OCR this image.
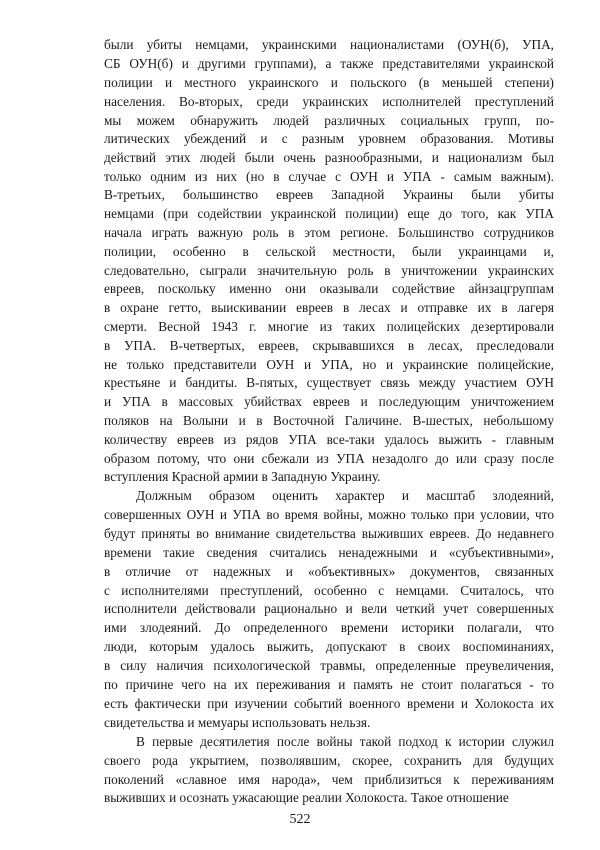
были убиты немцами, украинскими националистами (ОУН(б), УПА,
СБ ОУН(б) и другими группами), а также представителями украинской
полиции и местного украинского и польского (в меньшей степени)
населения. Во-вторых, среди украинских исполнителей преступлений
мы можем обнаружить людей различных социальных групп, по-
литических убеждений и с разным уровнем образования. Мотивы
действий этих людей были очень разнообразными, и национализм был
только одним из них (но в случае с ОУН и УПА - самым важным).
В-третьих, большинство евреев Западной Украины были убиты
немцами (при содействии украинской полиции) еще до того, как УПА
начала играть важную роль в этом регионе. Большинство сотрудников
полиции, особенно в сельской местности, были украинцами и,
следовательно, сыграли значительную роль в уничтожении украинских
евреев, поскольку именно они оказывали содействие айнзацгруппам
в охране гетто, выискивании евреев в лесах и отправке их в лагеря
смерти. Весной 1943 г. многие из таких полицейских дезертировали
в УПА. В-четвертых, евреев, скрывавшихся в лесах, преследовали
не только представители ОУН и УПА, но и украинские полицейские,
крестьяне и бандиты. В-пятых, существует связь между участием ОУН
и УПА в массовых убийствах евреев и последующим уничтожением
поляков на Волыни и в Восточной Галичине. В-шестых, небольшому
количеству евреев из рядов УПА все-таки удалось выжить - главным
образом потому, что они сбежали из УПА незадолго до или сразу после
вступления Красной армии в Западную Украину.
Должным образом оценить характер и масштаб злодеяний,
совершенных ОУН и УПА во время войны, можно только при условии, что
будут приняты во внимание свидетельства выживших евреев. До недавнего
времени такие сведения считались ненадежными и «субъективными»,
в отличие от надежных и «объективных» документов, связанных
с исполнителями преступлений, особенно с немцами. Считалось, что
исполнители действовали рационально и вели четкий учет совершенных
ими злодеяний. До определенного времени историки полагали, что
люди, которым удалось выжить, допускают в своих воспоминаниях,
в силу наличия психологической травмы, определенные преувеличения,
по причине чего на их переживания и память не стоит полагаться - то
есть фактически при изучении событий военного времени и Холокоста их
свидетельства и мемуары использовать нельзя.
В первые десятилетия после войны такой подход к истории служил
своего рода укрытием, позволявшим, скорее, сохранить для будущих
поколений «славное имя народа», чем приблизиться к переживаниям
выживших и осознать ужасающие реалии Холокоста. Такое отношение
522
